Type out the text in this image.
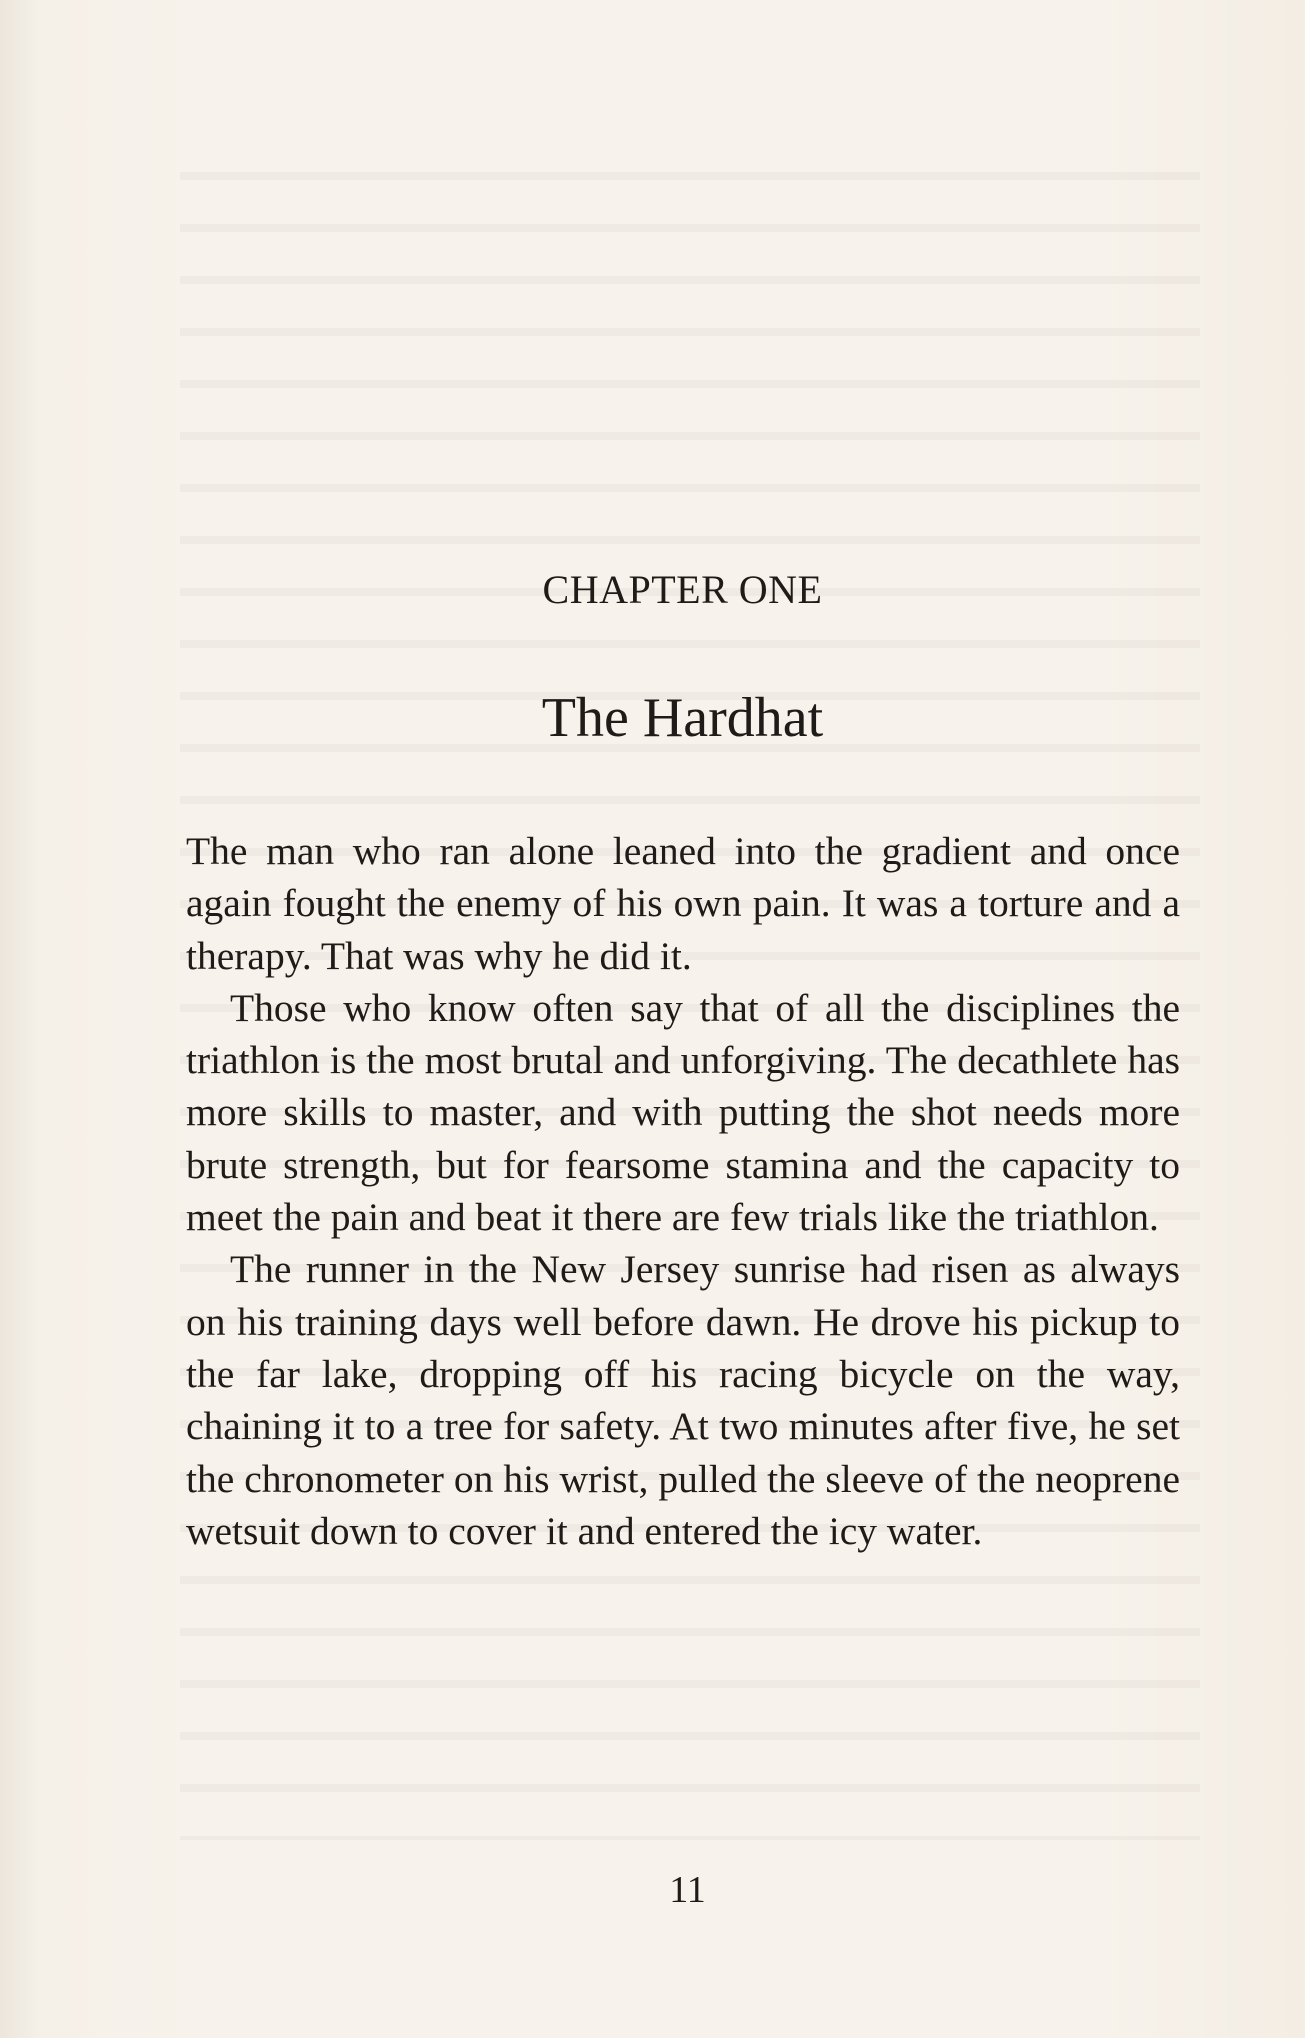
CHAPTER ONE
The Hardhat

The man who ran alone leaned into the gradient and once again fought the enemy of his own pain. It was a torture and a therapy. That was why he did it.

Those who know often say that of all the disciplines the triathlon is the most brutal and unforgiving. The decathlete has more skills to master, and with putting the shot needs more brute strength, but for fearsome stamina and the capacity to meet the pain and beat it there are few trials like the triathlon.

The runner in the New Jersey sunrise had risen as always on his training days well before dawn. He drove his pickup to the far lake, dropping off his racing bicycle on the way, chaining it to a tree for safety. At two minutes after five, he set the chronometer on his wrist, pulled the sleeve of the neoprene wetsuit down to cover it and entered the icy water.

11
